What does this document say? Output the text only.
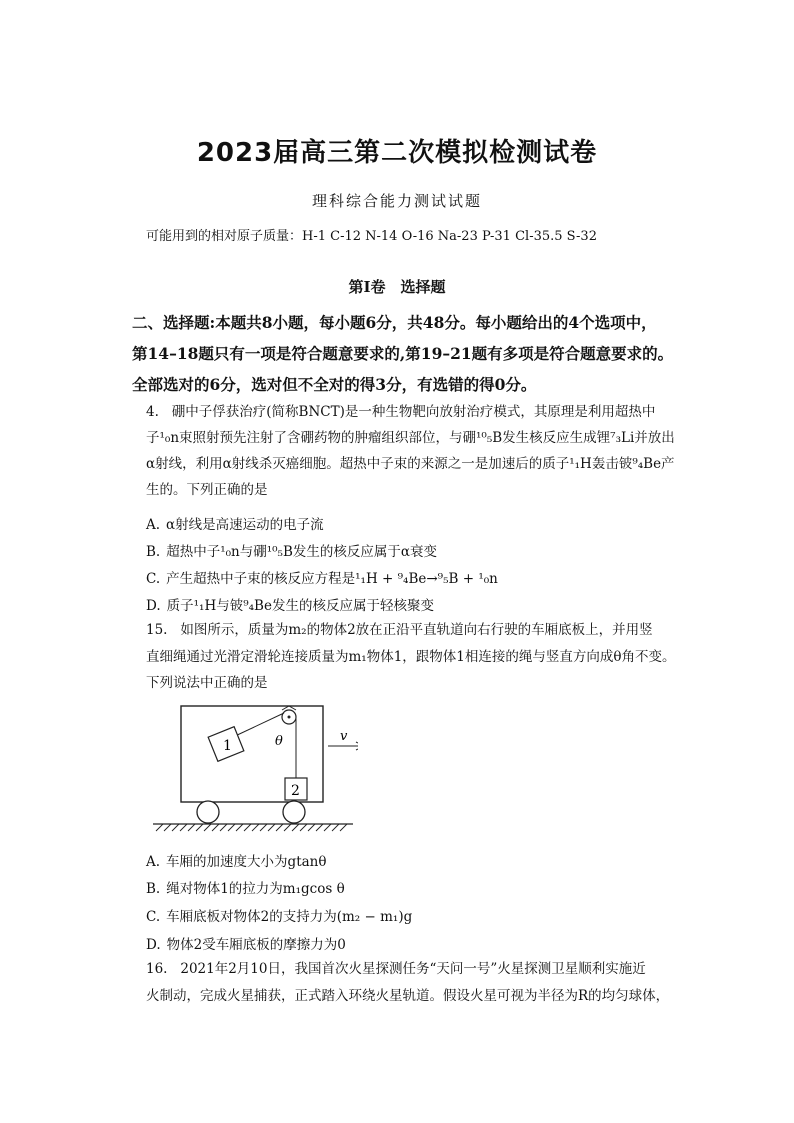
2023届高三第二次模拟检测试卷
理科综合能力测试试题
可能用到的相对原子质量：H-1 C-12 N-14 O-16 Na-23 P-31 Cl-35.5 S-32
第I卷　选择题
二、选择题:本题共8小题，每小题6分，共48分。每小题给出的4个选项中，
第14–18题只有一项是符合题意要求的,第19–21题有多项是符合题意要求的。
全部选对的6分，选对但不全对的得3分，有选错的得0分。
4. 硼中子俘获治疗(简称BNCT)是一种生物靶向放射治疗模式，其原理是利用超热中
子¹₀n束照射预先注射了含硼药物的肿瘤组织部位，与硼¹⁰₅B发生核反应生成锂⁷₃Li并放出
α射线，利用α射线杀灭癌细胞。超热中子束的来源之一是加速后的质子¹₁H轰击铍⁹₄Be产
生的。下列正确的是
A. α射线是高速运动的电子流
B. 超热中子¹₀n与硼¹⁰₅B发生的核反应属于α衰变
C. 产生超热中子束的核反应方程是¹₁H + ⁹₄Be→⁹₅B + ¹₀n
D. 质子¹₁H与铍⁹₄Be发生的核反应属于轻核聚变
15. 如图所示，质量为m₂的物体2放在正沿平直轨道向右行驶的车厢底板上，并用竖
直细绳通过光滑定滑轮连接质量为m₁物体1，跟物体1相连接的绳与竖直方向成θ角不变。
下列说法中正确的是
1
2
θ	v
A. 车厢的加速度大小为gtanθ
B. 绳对物体1的拉力为m₁gcos θ
C. 车厢底板对物体2的支持力为(m₂ − m₁)g
D. 物体2受车厢底板的摩擦力为0
16. 2021年2月10日，我国首次火星探测任务“天问一号”火星探测卫星顺利实施近
火制动，完成火星捕获，正式踏入环绕火星轨道。假设火星可视为半径为R的均匀球体，
